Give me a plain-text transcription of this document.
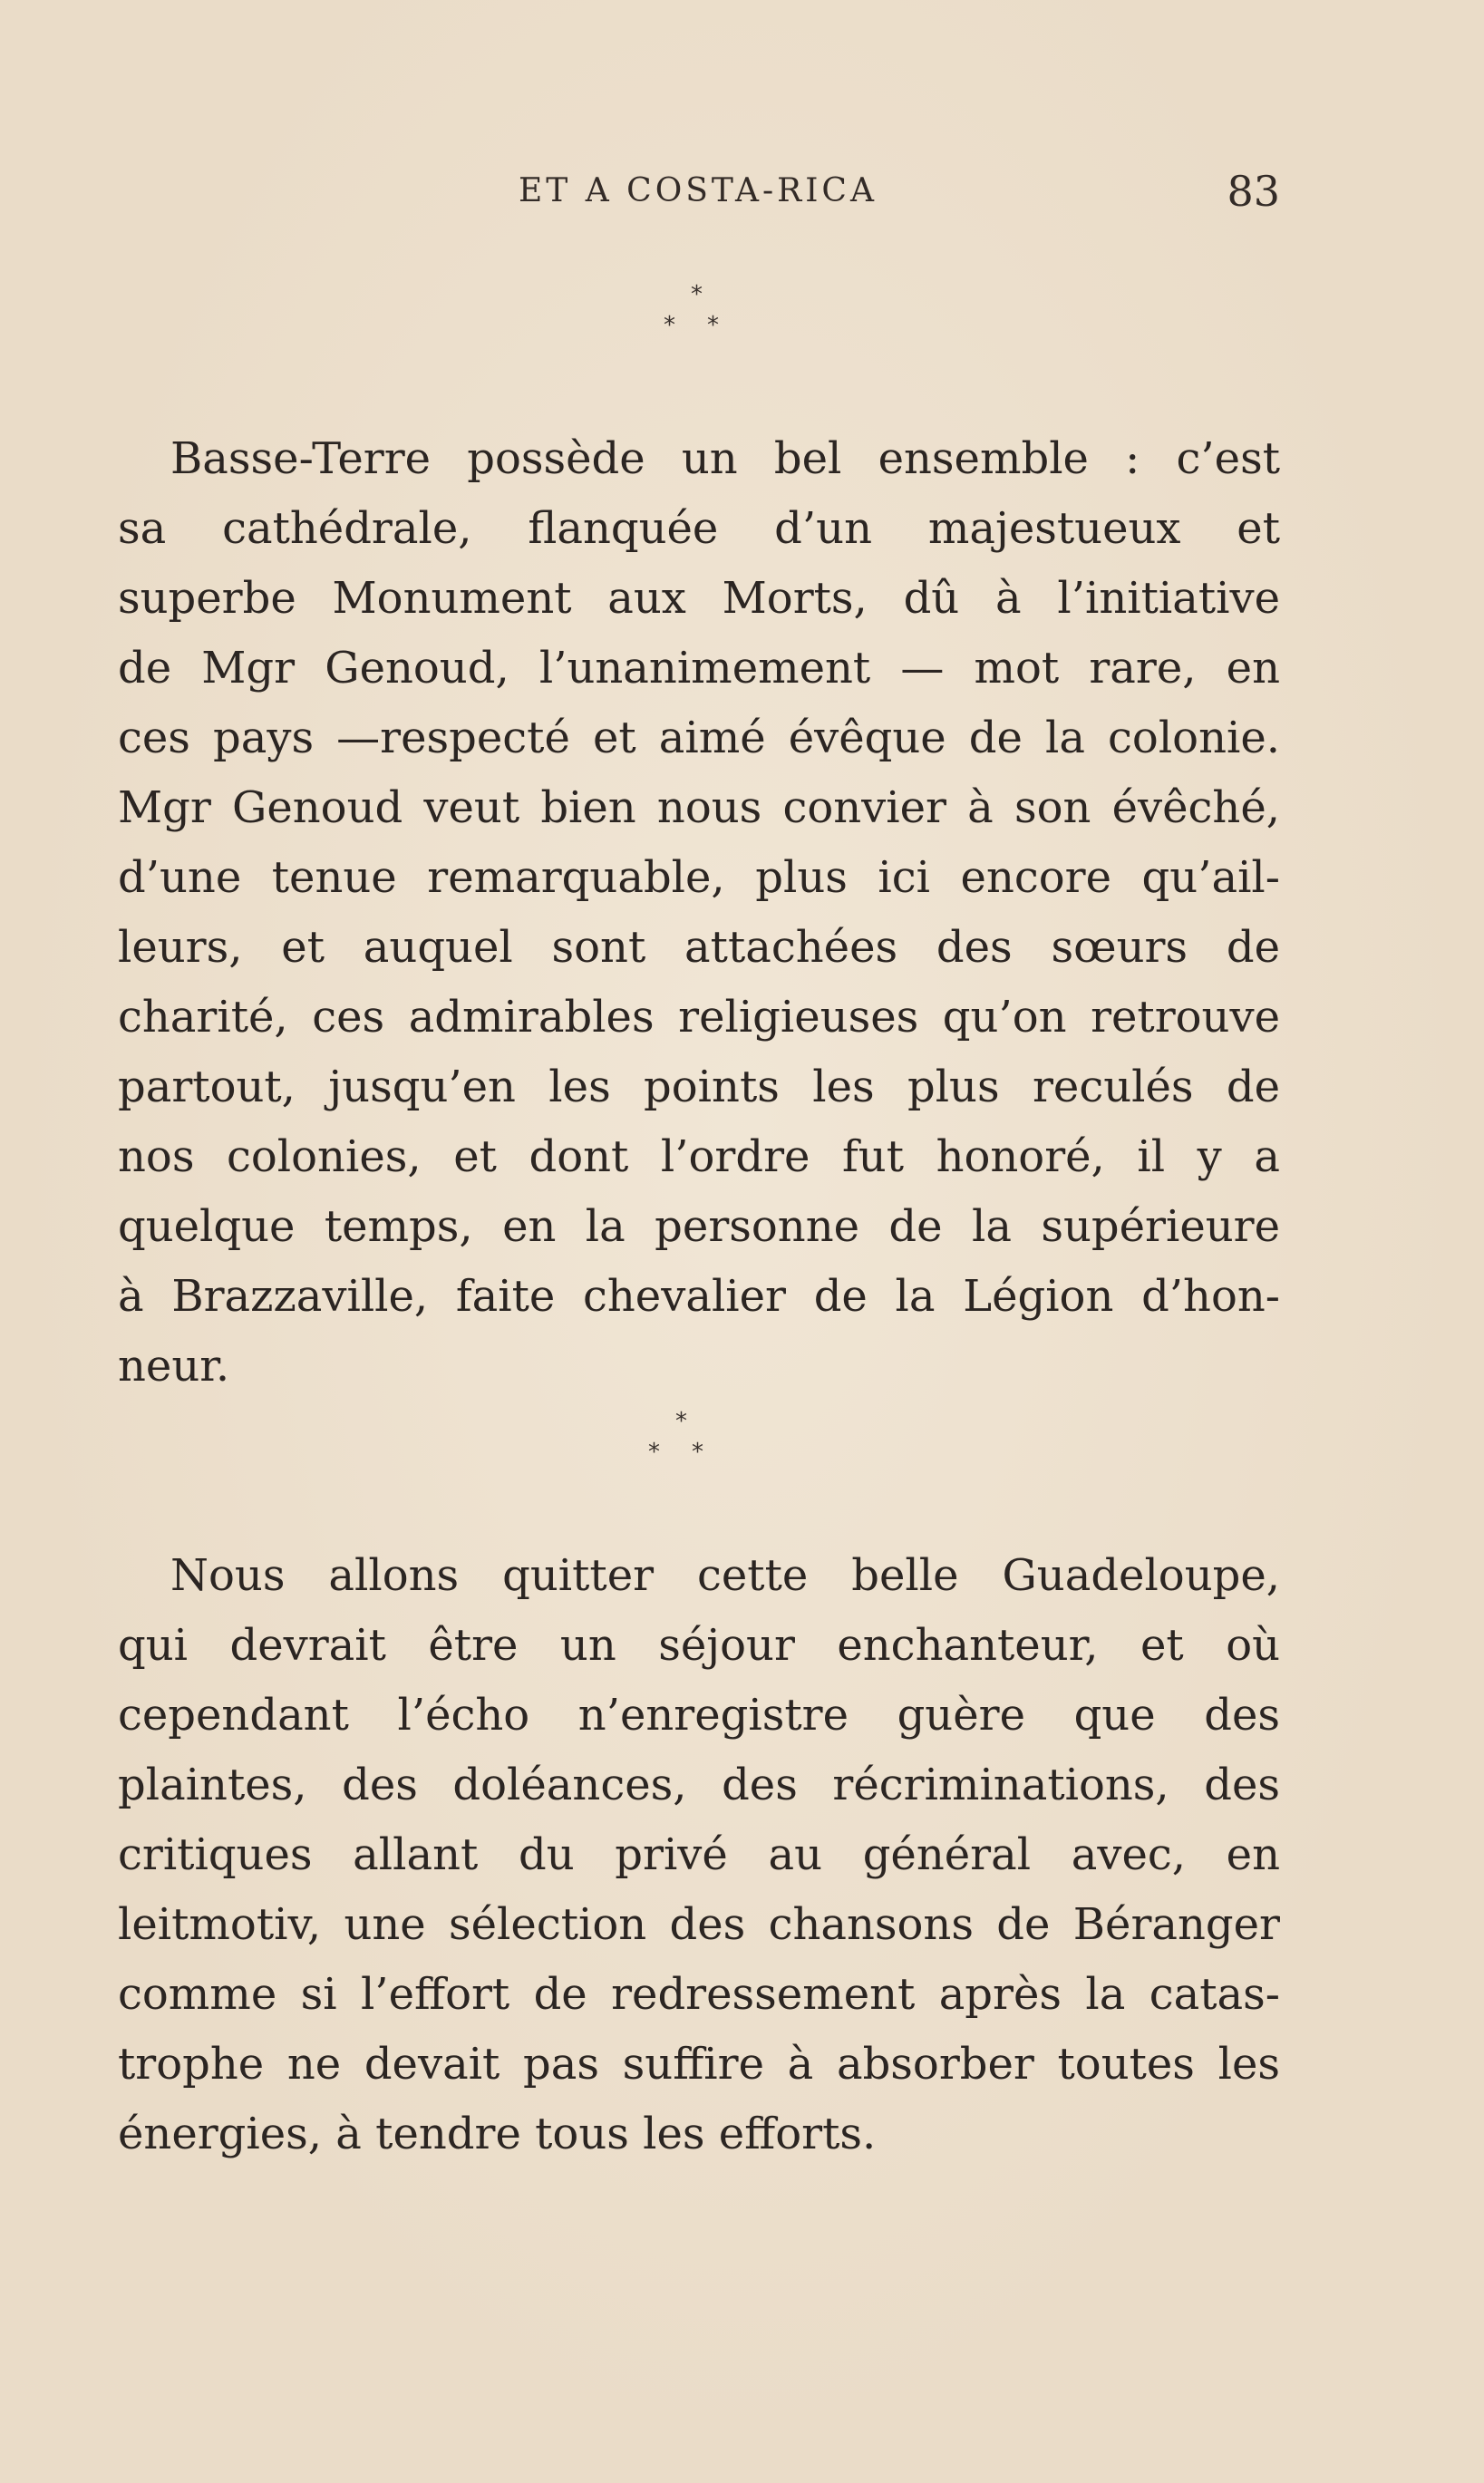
ET A COSTA-RICA	83
*
* *
Basse-Terre possède un bel ensemble : c’est
sa cathédrale, flanquée d’un majestueux et
superbe Monument aux Morts, dû à l’initiative
de Mgr Genoud, l’unanimement — mot rare, en
ces pays —respecté et aimé évêque de la colonie.
Mgr Genoud veut bien nous convier à son évêché,
d’une tenue remarquable, plus ici encore qu’ail-
leurs, et auquel sont attachées des sœurs de
charité, ces admirables religieuses qu’on retrouve
partout, jusqu’en les points les plus reculés de
nos colonies, et dont l’ordre fut honoré, il y a
quelque temps, en la personne de la supérieure
à Brazzaville, faite chevalier de la Légion d’hon-
neur.
*
* *
Nous allons quitter cette belle Guadeloupe,
qui devrait être un séjour enchanteur, et où
cependant l’écho n’enregistre guère que des
plaintes, des doléances, des récriminations, des
critiques allant du privé au général avec, en
leitmotiv, une sélection des chansons de Béranger
comme si l’effort de redressement après la catas-
trophe ne devait pas suffire à absorber toutes les
énergies, à tendre tous les efforts.
